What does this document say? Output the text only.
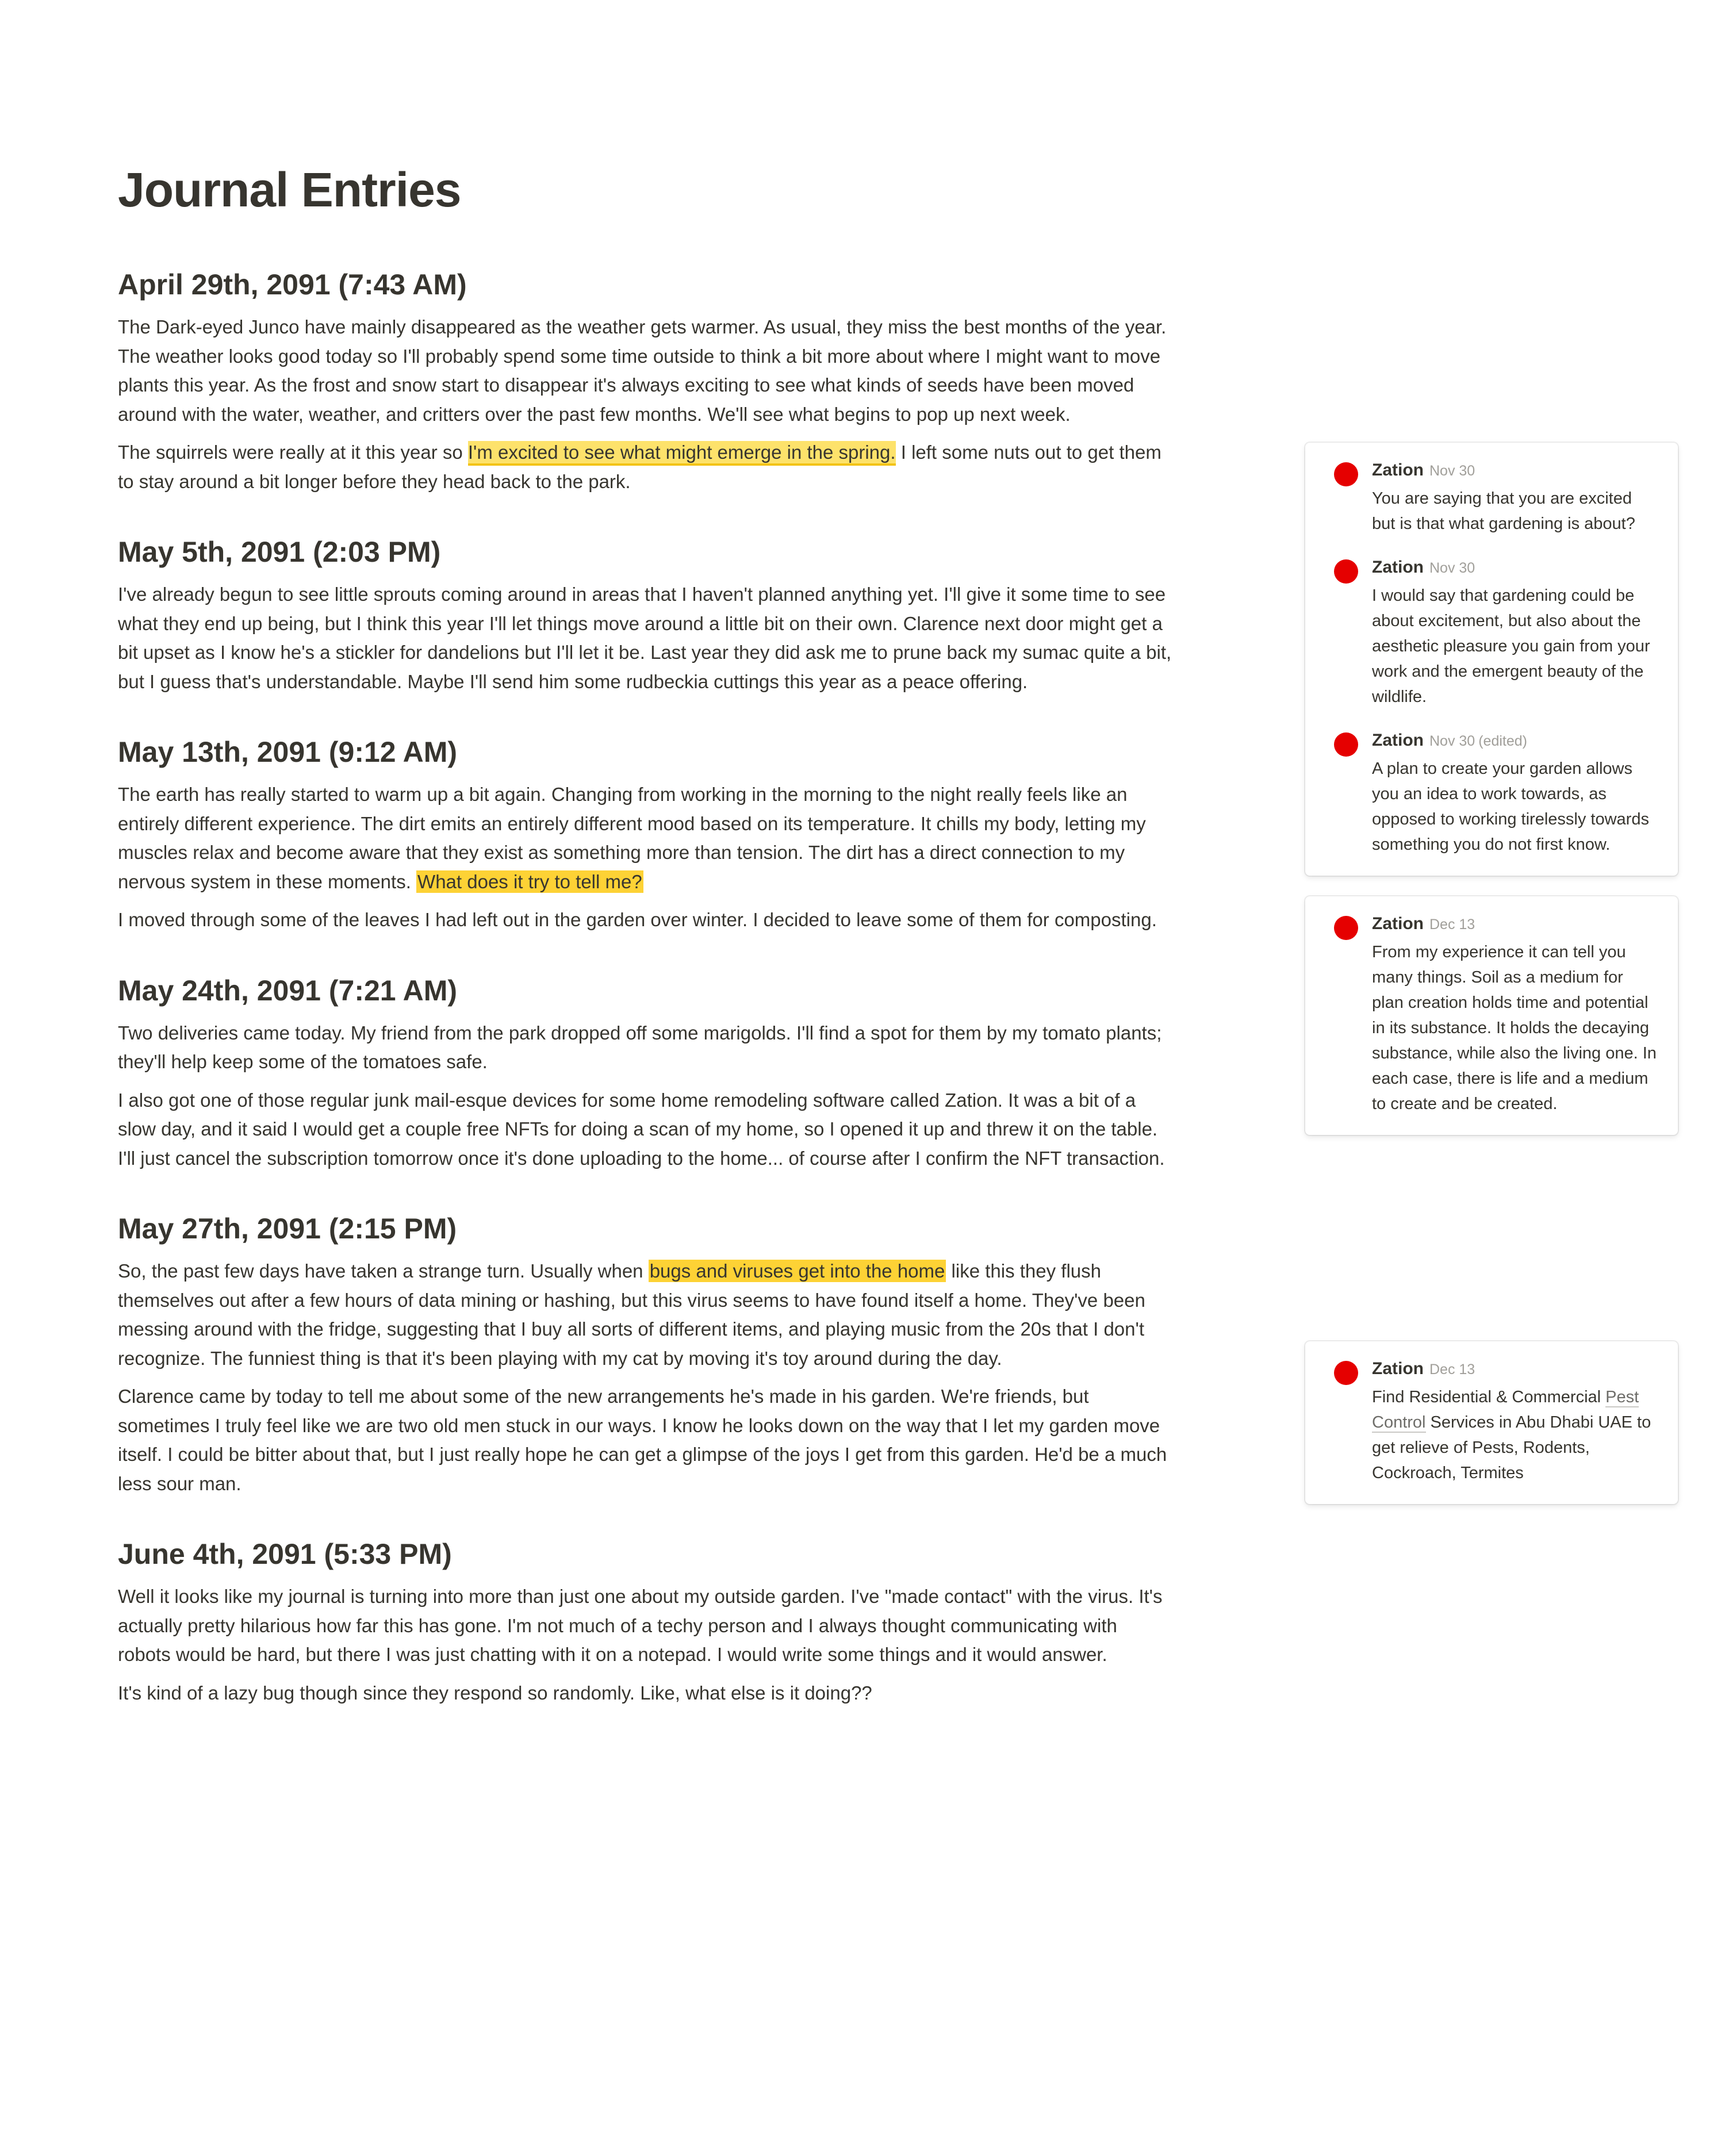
Journal Entries
April 29th, 2091 (7:43 AM)

The Dark-eyed Junco have mainly disappeared as the weather gets warmer. As usual, they miss the best months of the year. The weather looks good today so I'll probably spend some time outside to think a bit more about where I might want to move plants this year. As the frost and snow start to disappear it's always exciting to see what kinds of seeds have been moved around with the water, weather, and critters over the past few months. We'll see what begins to pop up next week.

The squirrels were really at it this year so I'm excited to see what might emerge in the spring. I left some nuts out to get them to stay around a bit longer before they head back to the park.

May 5th, 2091 (2:03 PM)

I've already begun to see little sprouts coming around in areas that I haven't planned anything yet. I'll give it some time to see what they end up being, but I think this year I'll let things move around a little bit on their own. Clarence next door might get a bit upset as I know he's a stickler for dandelions but I'll let it be. Last year they did ask me to prune back my sumac quite a bit, but I guess that's understandable. Maybe I'll send him some rudbeckia cuttings this year as a peace offering.

May 13th, 2091 (9:12 AM)

The earth has really started to warm up a bit again. Changing from working in the morning to the night really feels like an entirely different experience. The dirt emits an entirely different mood based on its temperature. It chills my body, letting my muscles relax and become aware that they exist as something more than tension. The dirt has a direct connection to my nervous system in these moments. What does it try to tell me?

I moved through some of the leaves I had left out in the garden over winter. I decided to leave some of them for composting.

May 24th, 2091 (7:21 AM)

Two deliveries came today. My friend from the park dropped off some marigolds. I'll find a spot for them by my tomato plants; they'll help keep some of the tomatoes safe.

I also got one of those regular junk mail-esque devices for some home remodeling software called Zation. It was a bit of a slow day, and it said I would get a couple free NFTs for doing a scan of my home, so I opened it up and threw it on the table. I'll just cancel the subscription tomorrow once it's done uploading to the home... of course after I confirm the NFT transaction.

May 27th, 2091 (2:15 PM)

So, the past few days have taken a strange turn. Usually when bugs and viruses get into the home like this they flush themselves out after a few hours of data mining or hashing, but this virus seems to have found itself a home. They've been messing around with the fridge, suggesting that I buy all sorts of different items, and playing music from the 20s that I don't recognize. The funniest thing is that it's been playing with my cat by moving it's toy around during the day.

Clarence came by today to tell me about some of the new arrangements he's made in his garden. We're friends, but sometimes I truly feel like we are two old men stuck in our ways. I know he looks down on the way that I let my garden move itself. I could be bitter about that, but I just really hope he can get a glimpse of the joys I get from this garden. He'd be a much less sour man.

June 4th, 2091 (5:33 PM)

Well it looks like my journal is turning into more than just one about my outside garden. I've "made contact" with the virus. It's actually pretty hilarious how far this has gone. I'm not much of a techy person and I always thought communicating with robots would be hard, but there I was just chatting with it on a notepad. I would write some things and it would answer.

It's kind of a lazy bug though since they respond so randomly. Like, what else is it doing??

Zation Nov 30
You are saying that you are excited but is that what gardening is about?
Zation Nov 30
I would say that gardening could be about excitement, but also about the aesthetic pleasure you gain from your work and the emergent beauty of the wildlife.
Zation Nov 30 (edited)
A plan to create your garden allows you an idea to work towards, as opposed to working tirelessly towards something you do not first know.
Zation Dec 13
From my experience it can tell you many things. Soil as a medium for plan creation holds time and potential in its substance. It holds the decaying substance, while also the living one. In each case, there is life and a medium to create and be created.
Zation Dec 13
Find Residential & Commercial Pest Control Services in Abu Dhabi UAE to get relieve of Pests, Rodents, Cockroach, Termites
